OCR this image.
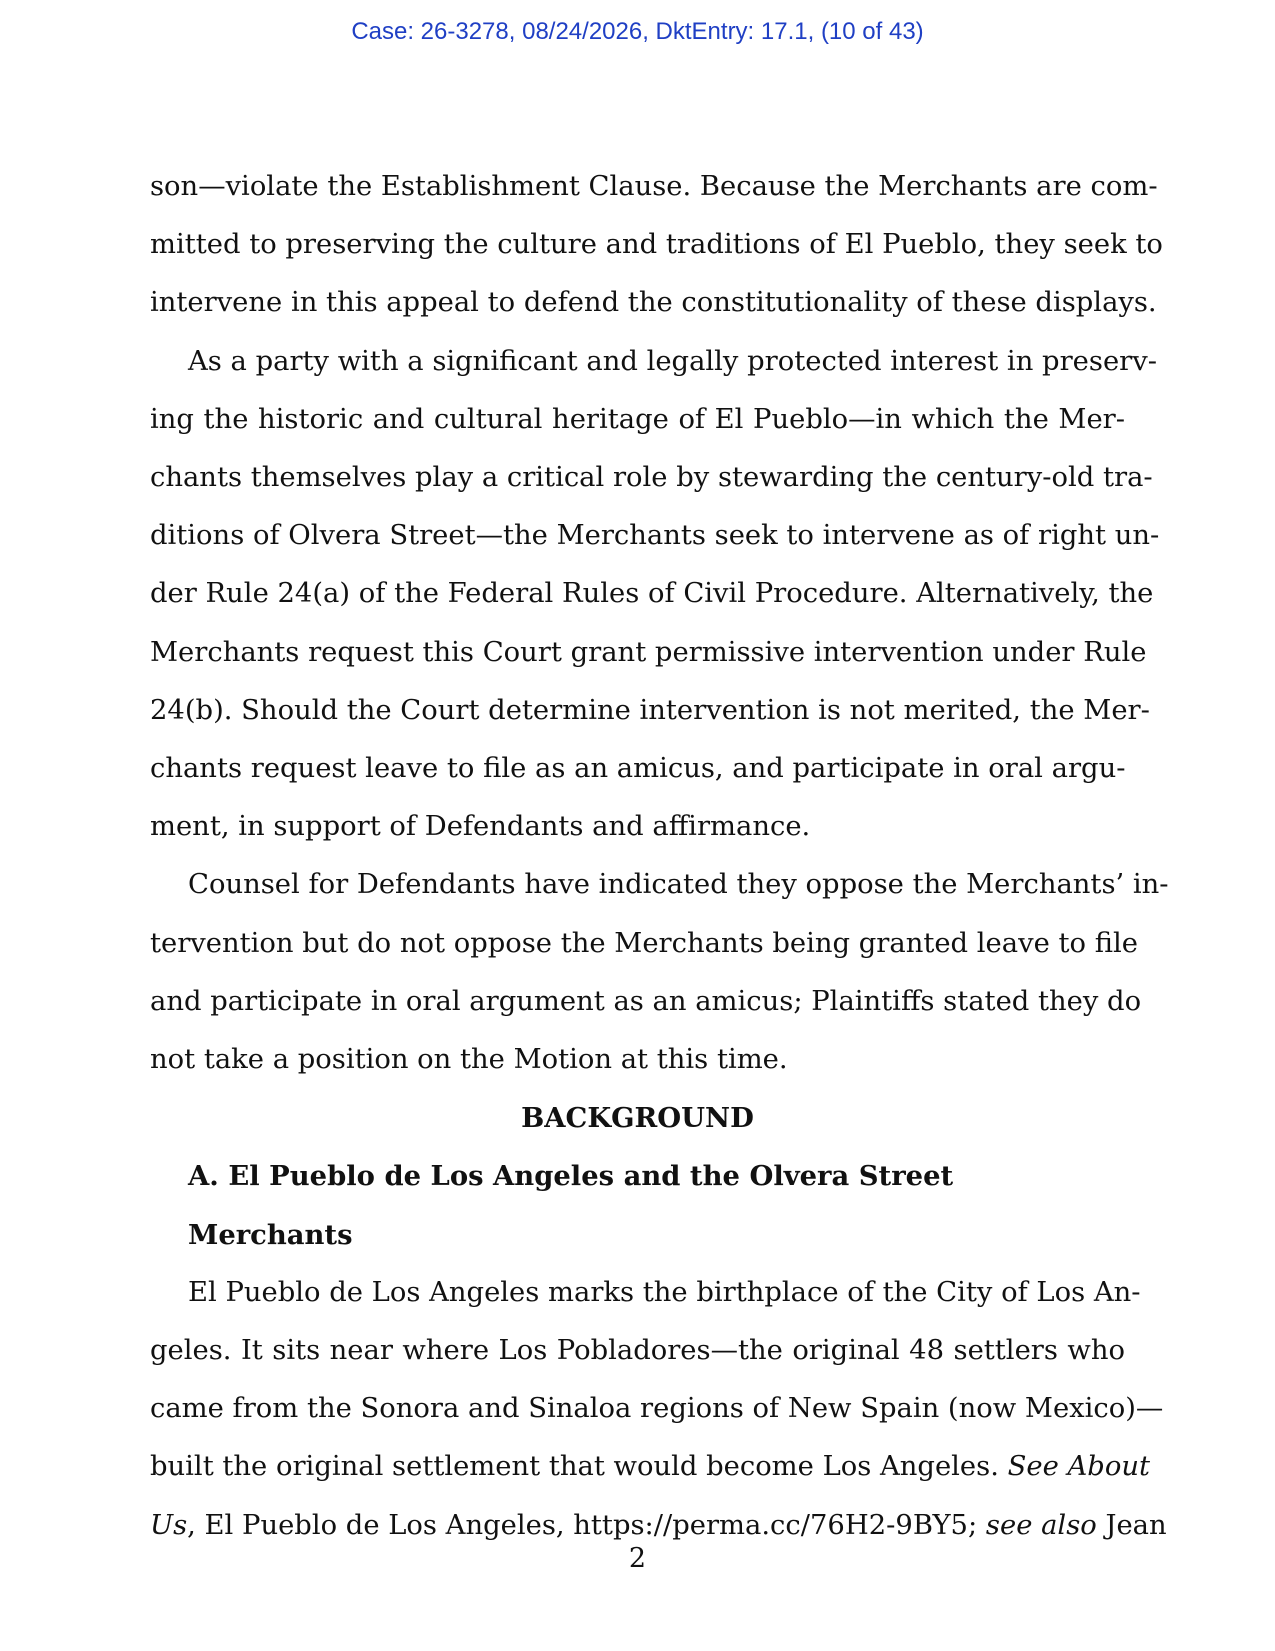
Case: 26-3278, 08/24/2026, DktEntry: 17.1, (10 of 43)

son—violate the Establishment Clause. Because the Merchants are com-
mitted to preserving the culture and traditions of El Pueblo, they seek to
intervene in this appeal to defend the constitutionality of these displays.

As a party with a significant and legally protected interest in preserv-
ing the historic and cultural heritage of El Pueblo—in which the Mer-
chants themselves play a critical role by stewarding the century-old tra-
ditions of Olvera Street—the Merchants seek to intervene as of right un-
der Rule 24(a) of the Federal Rules of Civil Procedure. Alternatively, the
Merchants request this Court grant permissive intervention under Rule
24(b). Should the Court determine intervention is not merited, the Mer-
chants request leave to file as an amicus, and participate in oral argu-
ment, in support of Defendants and affirmance.

Counsel for Defendants have indicated they oppose the Merchants’ in-
tervention but do not oppose the Merchants being granted leave to file
and participate in oral argument as an amicus; Plaintiffs stated they do
not take a position on the Motion at this time.

BACKGROUND

A. El Pueblo de Los Angeles and the Olvera Street Merchants

El Pueblo de Los Angeles marks the birthplace of the City of Los An-
geles. It sits near where Los Pobladores—the original 48 settlers who
came from the Sonora and Sinaloa regions of New Spain (now Mexico)—
built the original settlement that would become Los Angeles. See About
Us, El Pueblo de Los Angeles, https://perma.cc/76H2-9BY5; see also Jean

2
